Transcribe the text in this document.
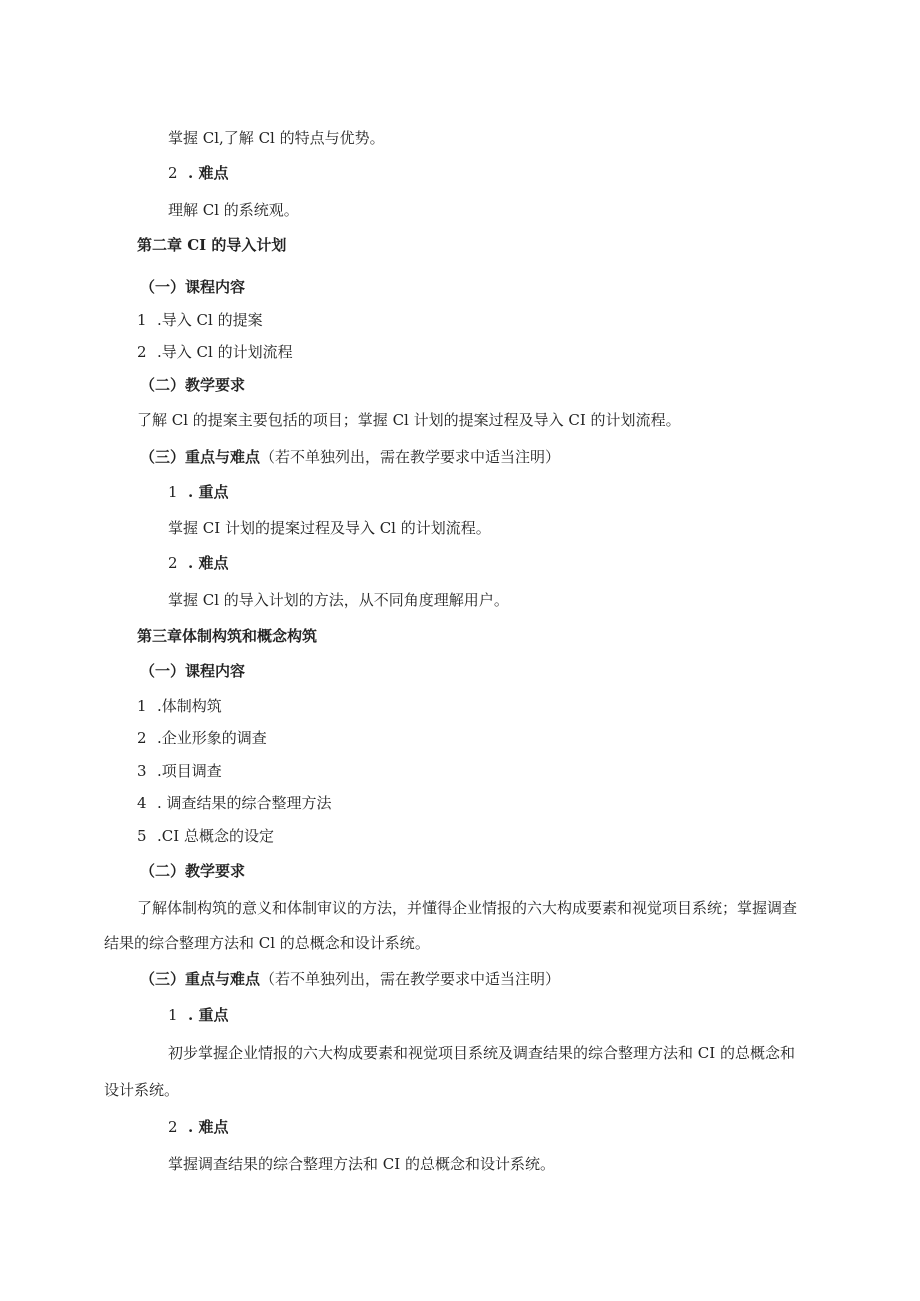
掌握 Cl,了解 Cl 的特点与优势。
2 . 难点
理解 Cl 的系统观。
第二章 CI 的导入计划
（一）课程内容
1 .导入 Cl 的提案
2 .导入 Cl 的计划流程
（二）教学要求
了解 Cl 的提案主要包括的项目；掌握 Cl 计划的提案过程及导入 CI 的计划流程。
（三）重点与难点（若不单独列出，需在教学要求中适当注明）
1 . 重点
掌握 CI 计划的提案过程及导入 Cl 的计划流程。
2 . 难点
掌握 Cl 的导入计划的方法，从不同角度理解用户。
第三章体制构筑和概念构筑
（一）课程内容
1 .体制构筑
2 .企业形象的调查
3 .项目调查
4 . 调查结果的综合整理方法
5 .CI 总概念的设定
（二）教学要求
了解体制构筑的意义和体制审议的方法，并懂得企业情报的六大构成要素和视觉项目系统；掌握调查
结果的综合整理方法和 Cl 的总概念和设计系统。
（三）重点与难点（若不单独列出，需在教学要求中适当注明）
1 . 重点
初步掌握企业情报的六大构成要素和视觉项目系统及调查结果的综合整理方法和 CI 的总概念和
设计系统。
2 . 难点
掌握调查结果的综合整理方法和 CI 的总概念和设计系统。
